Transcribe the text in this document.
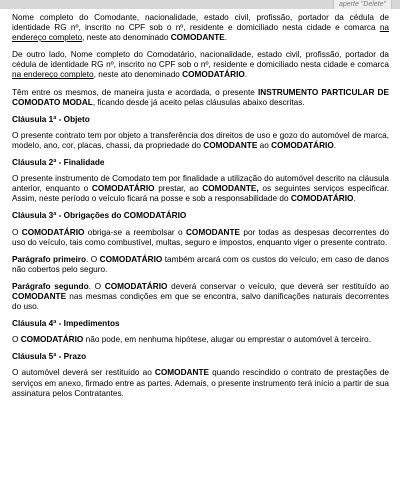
aperte "Delete"

Nome completo do Comodante, nacionalidade, estado civil, profissão, portador da cédula de identidade RG nº, inscrito no CPF sob o nº, residente e domiciliado nesta cidade e comarca na endereço completo, neste ato denominado COMODANTE.

De outro lado, Nome completo do Comodatário, nacionalidade, estado civil, profissão, portador da cédula de identidade RG nº, inscrito no CPF sob o nº, residente e domiciliado nesta cidade e comarca na endereço completo, neste ato denominado COMODATÁRIO.

Têm entre os mesmos, de maneira justa e acordada, o presente INSTRUMENTO PARTICULAR DE COMODATO MODAL, ficando desde já aceito pelas cláusulas abaixo descritas.

Cláusula 1ª - Objeto

O presente contrato tem por objeto a transferência dos direitos de uso e gozo do automóvel de marca, modelo, ano, cor, placas, chassi, da propriedade do COMODANTE ao COMODATÁRIO.

Cláusula 2ª - Finalidade

O presente instrumento de Comodato tem por finalidade a utilização do automóvel descrito na cláusula anterior, enquanto o COMODATÁRIO prestar, ao COMODANTE, os seguintes serviços especificar. Assim, neste período o veículo ficará na posse e sob a responsabilidade do COMODATÁRIO.

Cláusula 3ª - Obrigações do COMODATÁRIO

O COMODATÁRIO obriga-se a reembolsar o COMODANTE por todas as despesas decorrentes do uso do veículo, tais como combustível, multas, seguro e impostos, enquanto viger o presente contrato.

Parágrafo primeiro. O COMODATÁRIO também arcará com os custos do veículo, em caso de danos não cobertos pelo seguro.

Parágrafo segundo. O COMODATÁRIO deverá conservar o veículo, que deverá ser restituído ao COMODANTE nas mesmas condições em que se encontra, salvo danificações naturais decorrentes do uso.

Cláusula 4ª - Impedimentos

O COMODATÁRIO não pode, em nenhuma hipótese, alugar ou emprestar o automóvel à terceiro.

Cláusula 5ª - Prazo

O automóvel deverá ser restituído ao COMODANTE quando rescindido o contrato de prestações de serviços em anexo, firmado entre as partes. Ademais, o presente instrumento terá início a partir de sua assinatura pelos Contratantes.
